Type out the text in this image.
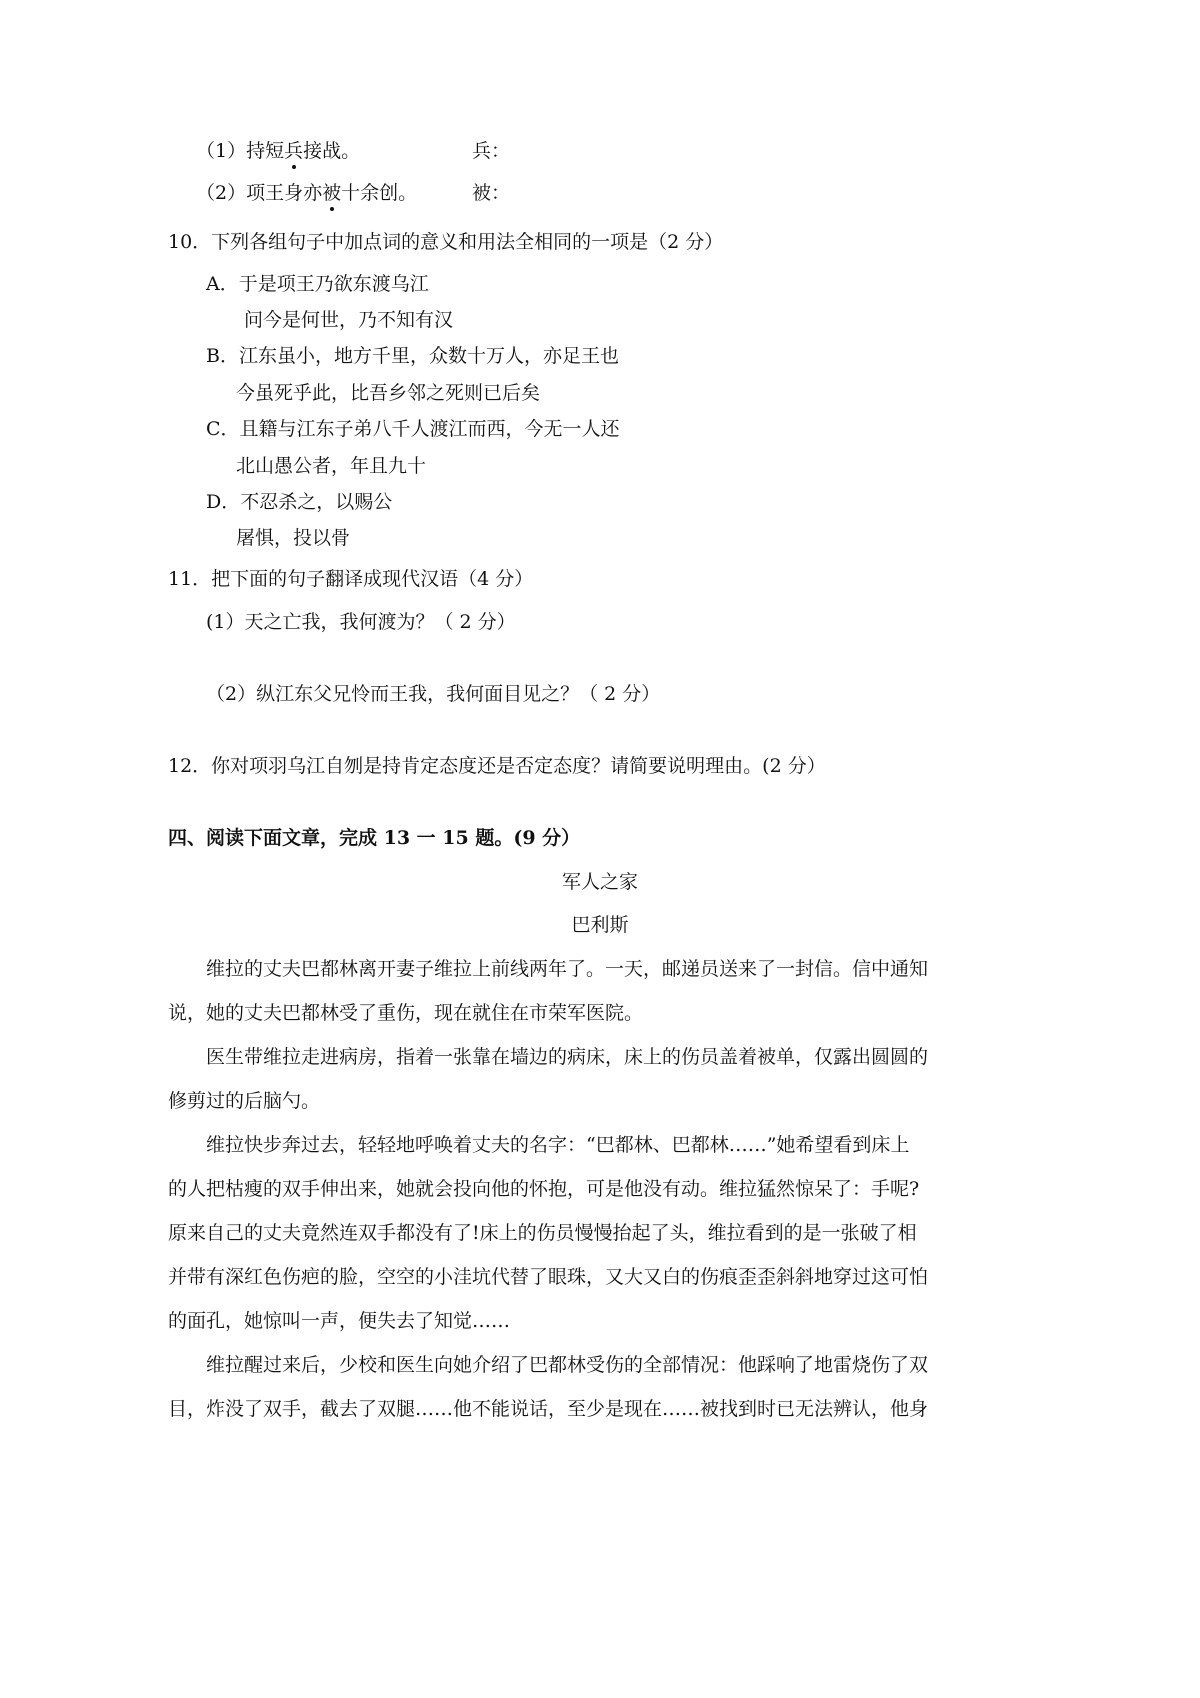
（1）持短兵接战。	兵：
（2）项王身亦被十余创。	被：
10．下列各组句子中加点词的意义和用法全相同的一项是（2 分）
A．于是项王乃欲东渡乌江
问今是何世，乃不知有汉
B．江东虽小，地方千里，众数十万人，亦足王也
今虽死乎此，比吾乡邻之死则已后矣
C．且籍与江东子弟八千人渡江而西，今无一人还
北山愚公者，年且九十
D．不忍杀之，以赐公
屠惧，投以骨
11．把下面的句子翻译成现代汉语（4 分）
(1）天之亡我，我何渡为？（ 2 分）
（2）纵江东父兄怜而王我，我何面目见之？（ 2 分）
12．你对项羽乌江自刎是持肯定态度还是否定态度？请简要说明理由。(2 分）
四、阅读下面文章，完成 13 一 15 题。(9 分）
军人之家
巴利斯
维拉的丈夫巴都林离开妻子维拉上前线两年了。一天，邮递员送来了一封信。信中通知
说，她的丈夫巴都林受了重伤，现在就住在市荣军医院。
医生带维拉走进病房，指着一张靠在墙边的病床，床上的伤员盖着被单，仅露出圆圆的
修剪过的后脑勺。
维拉快步奔过去，轻轻地呼唤着丈夫的名字：“巴都林、巴都林……”她希望看到床上
的人把枯瘦的双手伸出来，她就会投向他的怀抱，可是他没有动。维拉猛然惊呆了：手呢?
原来自己的丈夫竟然连双手都没有了!床上的伤员慢慢抬起了头，维拉看到的是一张破了相
并带有深红色伤疤的脸，空空的小洼坑代替了眼珠，又大又白的伤痕歪歪斜斜地穿过这可怕
的面孔，她惊叫一声，便失去了知觉……
维拉醒过来后，少校和医生向她介绍了巴都林受伤的全部情况：他踩响了地雷烧伤了双
目，炸没了双手，截去了双腿……他不能说话，至少是现在……被找到时已无法辨认，他身
